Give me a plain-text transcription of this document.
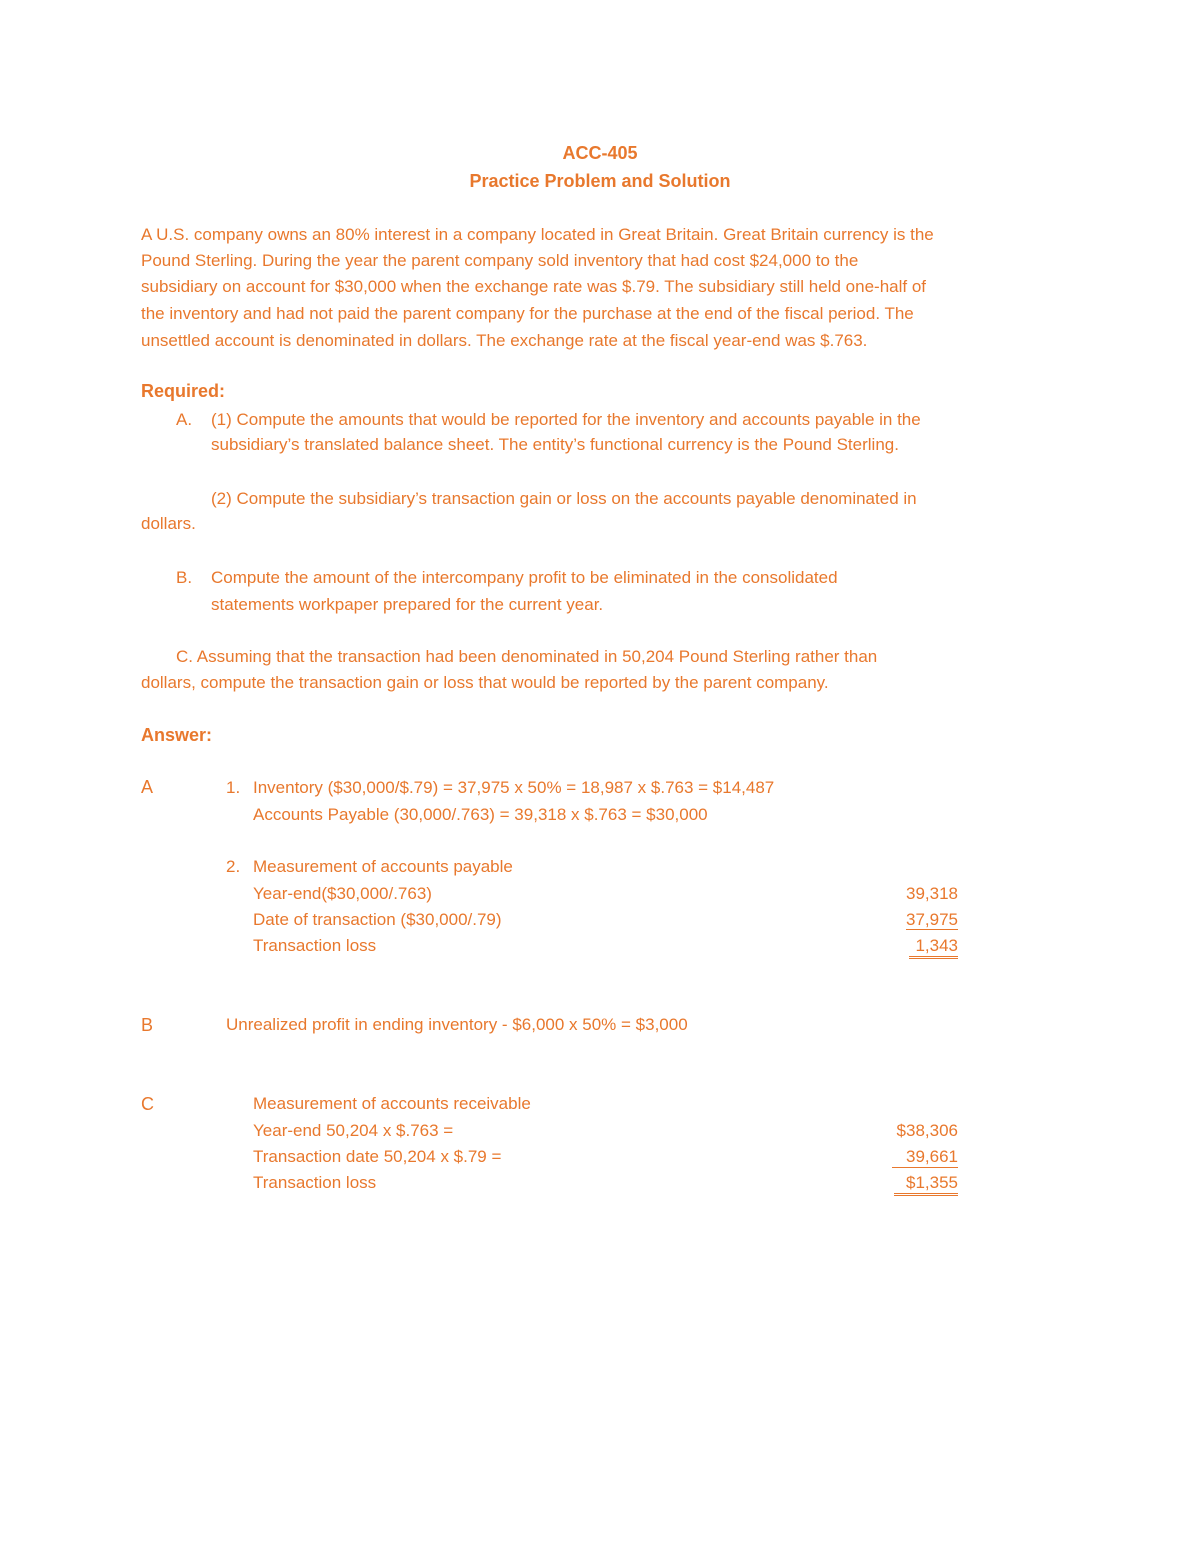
ACC-405
Practice Problem and Solution
A U.S. company owns an 80% interest in a company located in Great Britain. Great Britain currency is the
Pound Sterling. During the year the parent company sold inventory that had cost $24,000 to the
subsidiary on account for $30,000 when the exchange rate was $.79. The subsidiary still held one-half of
the inventory and had not paid the parent company for the purchase at the end of the fiscal period. The
unsettled account is denominated in dollars. The exchange rate at the fiscal year-end was $.763.
Required:
A. (1) Compute the amounts that would be reported for the inventory and accounts payable in the
subsidiary’s translated balance sheet. The entity’s functional currency is the Pound Sterling.
(2) Compute the subsidiary’s transaction gain or loss on the accounts payable denominated in
dollars.
B. Compute the amount of the intercompany profit to be eliminated in the consolidated
statements workpaper prepared for the current year.
C. Assuming that the transaction had been denominated in 50,204 Pound Sterling rather than
dollars, compute the transaction gain or loss that would be reported by the parent company.
Answer:
A	1. Inventory ($30,000/$.79) = 37,975 x 50% = 18,987 x $.763 = $14,487
Accounts Payable (30,000/.763) = 39,318 x $.763 = $30,000
2. Measurement of accounts payable
Year-end($30,000/.763)	39,318
Date of transaction ($30,000/.79)	37,975
Transaction loss	1,343
B	Unrealized profit in ending inventory - $6,000 x 50% = $3,000
C	Measurement of accounts receivable
Year-end 50,204 x $.763 =	$38,306
Transaction date 50,204 x $.79 =	39,661
Transaction loss	$1,355
